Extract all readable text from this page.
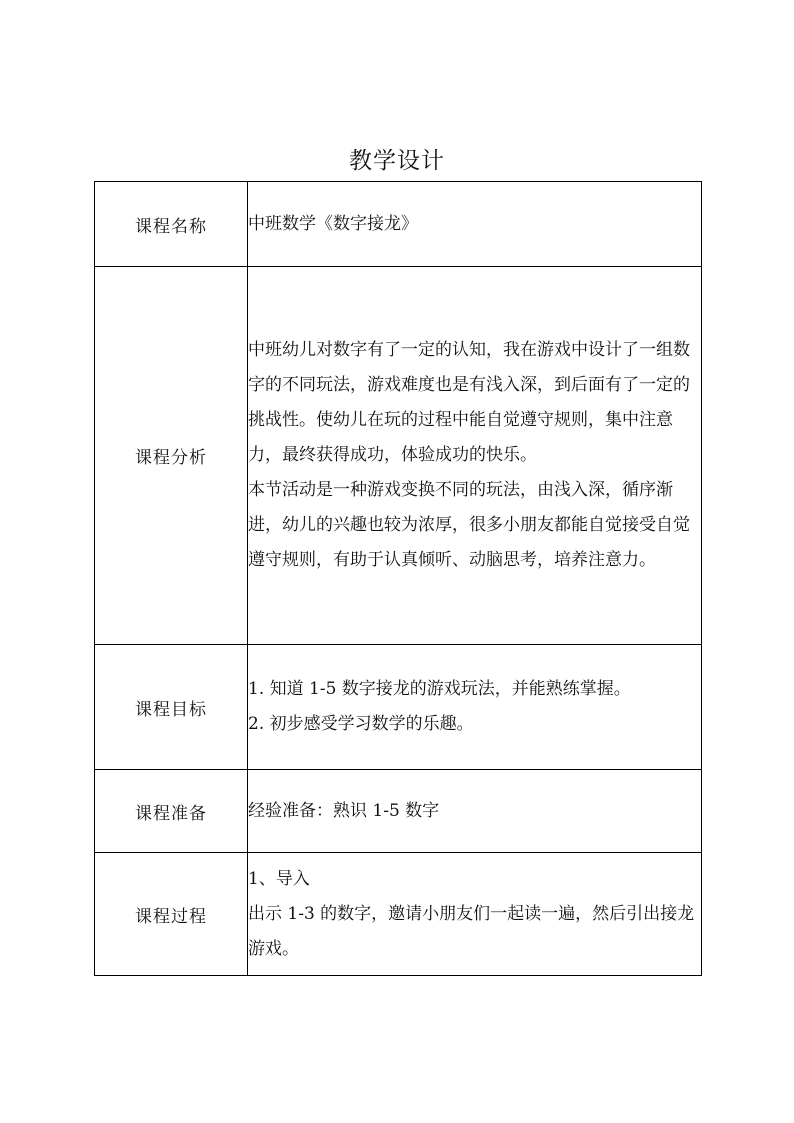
教学设计
课程名称	中班数学《数字接龙》

课程分析	中班幼儿对数字有了一定的认知，我在游戏中设计了一组数字的不同玩法，游戏难度也是有浅入深，到后面有了一定的挑战性。使幼儿在玩的过程中能自觉遵守规则，集中注意力，最终获得成功，体验成功的快乐。

本节活动是一种游戏变换不同的玩法，由浅入深，循序渐进，幼儿的兴趣也较为浓厚，很多小朋友都能自觉接受自觉遵守规则，有助于认真倾听、动脑思考，培养注意力。

课程目标	1. 知道 1-5 数字接龙的游戏玩法，并能熟练掌握。

2. 初步感受学习数学的乐趣。

课程准备	经验准备：熟识 1-5 数字

课程过程	1、导入

出示 1-3 的数字，邀请小朋友们一起读一遍，然后引出接龙游戏。
